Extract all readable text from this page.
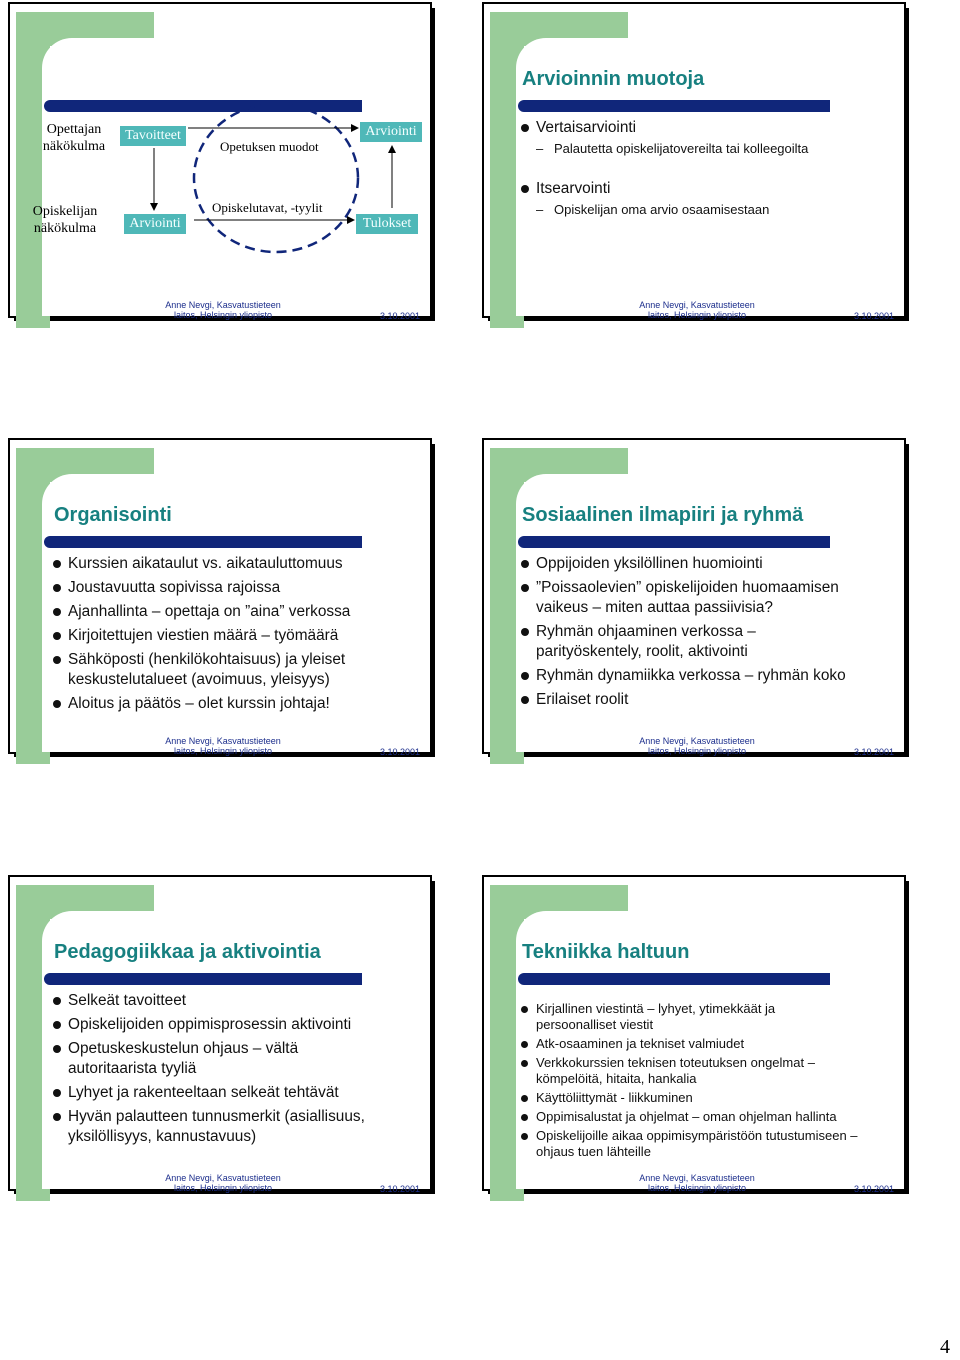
Opettajan
näkökulma
Opiskelijan
näkökulma
Tavoitteet	Arviointi
Arviointi	Tulokset
Opetuksen muodot
Opiskelutavat, -tyylit
Anne Nevgi, Kasvatustieteen
laitos, Helsingin yliopisto	3.10.2001
Arvioinnin muotoja
Vertaisarviointi
– Palautetta opiskelijatovereilta tai kolleegoilta
Itsearvointi
– Opiskelijan oma arvio osaamisestaan
Anne Nevgi, Kasvatustieteen
laitos, Helsingin yliopisto	3.10.2001
Organisointi
Kurssien aikataulut vs. aikatauluttomuus
Joustavuutta sopivissa rajoissa
Ajanhallinta – opettaja on ”aina” verkossa
Kirjoitettujen viestien määrä – työmäärä
Sähköposti (henkilökohtaisuus) ja yleiset keskustelutalueet (avoimuus, yleisyys)
Aloitus ja päätös – olet kurssin johtaja!
Anne Nevgi, Kasvatustieteen
laitos, Helsingin yliopisto	3.10.2001
Sosiaalinen ilmapiiri ja ryhmä
Oppijoiden yksilöllinen huomiointi
”Poissaolevien” opiskelijoiden huomaamisen vaikeus – miten auttaa passiivisia?
Ryhmän ohjaaminen verkossa – parityöskentely, roolit, aktivointi
Ryhmän dynamiikka verkossa – ryhmän koko
Erilaiset roolit
Anne Nevgi, Kasvatustieteen
laitos, Helsingin yliopisto	3.10.2001
Pedagogiikkaa ja aktivointia
Selkeät tavoitteet
Opiskelijoiden oppimisprosessin aktivointi
Opetuskeskustelun ohjaus – vältä autoritaarista tyyliä
Lyhyet ja rakenteeltaan selkeät tehtävät
Hyvän palautteen tunnusmerkit (asiallisuus, yksilöllisyys, kannustavuus)
Anne Nevgi, Kasvatustieteen
laitos, Helsingin yliopisto	3.10.2001
Tekniikka haltuun
Kirjallinen viestintä – lyhyet, ytimekkäät ja persoonalliset viestit
Atk-osaaminen ja tekniset valmiudet
Verkkokurssien teknisen toteutuksen ongelmat – kömpelöitä, hitaita, hankalia
Käyttöliittymät - liikkuminen
Oppimisalustat ja ohjelmat – oman ohjelman hallinta
Opiskelijoille aikaa oppimisympäristöön tutustumiseen – ohjaus tuen lähteille
Anne Nevgi, Kasvatustieteen
laitos, Helsingin yliopisto	3.10.2001
4
